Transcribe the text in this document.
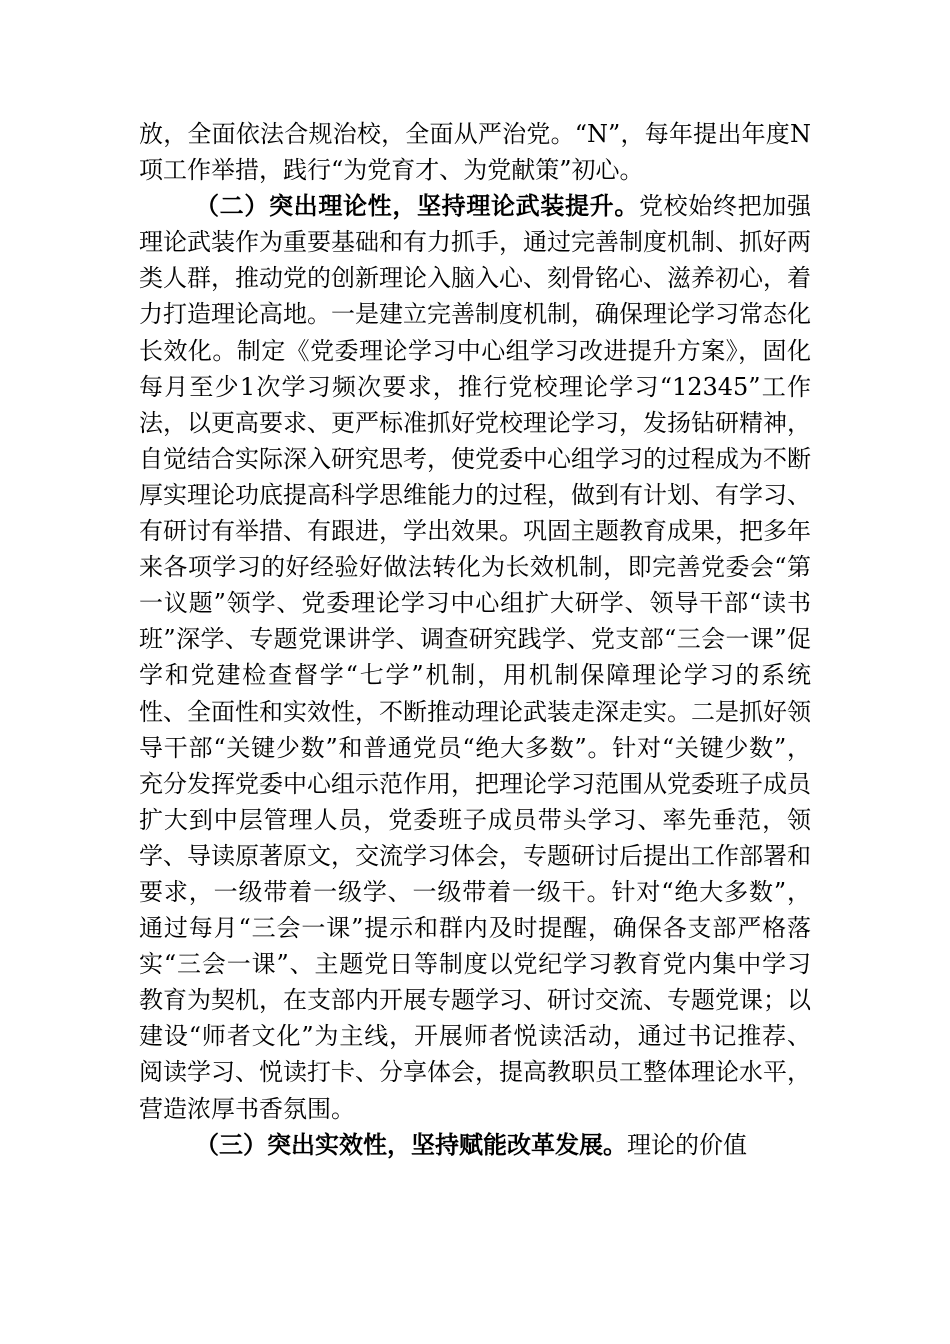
放，全面依法合规治校，全面从严治党。“N”，每年提出年度N项工作举措，践行“为党育才、为党献策”初心。

（二）突出理论性，坚持理论武装提升。党校始终把加强理论武装作为重要基础和有力抓手，通过完善制度机制、抓好两类人群，推动党的创新理论入脑入心、刻骨铭心、滋养初心，着力打造理论高地。一是建立完善制度机制，确保理论学习常态化长效化。制定《党委理论学习中心组学习改进提升方案》，固化每月至少1次学习频次要求，推行党校理论学习“12345”工作法，以更高要求、更严标准抓好党校理论学习，发扬钻研精神，自觉结合实际深入研究思考，使党委中心组学习的过程成为不断厚实理论功底提高科学思维能力的过程，做到有计划、有学习、有研讨有举措、有跟进，学出效果。巩固主题教育成果，把多年来各项学习的好经验好做法转化为长效机制，即完善党委会“第一议题”领学、党委理论学习中心组扩大研学、领导干部“读书班”深学、专题党课讲学、调查研究践学、党支部“三会一课”促学和党建检查督学“七学”机制，用机制保障理论学习的系统性、全面性和实效性，不断推动理论武装走深走实。二是抓好领导干部“关键少数”和普通党员“绝大多数”。针对“关键少数”，充分发挥党委中心组示范作用，把理论学习范围从党委班子成员扩大到中层管理人员，党委班子成员带头学习、率先垂范，领学、导读原著原文，交流学习体会，专题研讨后提出工作部署和要求，一级带着一级学、一级带着一级干。针对“绝大多数”，通过每月“三会一课”提示和群内及时提醒，确保各支部严格落实“三会一课”、主题党日等制度以党纪学习教育党内集中学习教育为契机，在支部内开展专题学习、研讨交流、专题党课；以建设“师者文化”为主线，开展师者悦读活动，通过书记推荐、阅读学习、悦读打卡、分享体会，提高教职员工整体理论水平，营造浓厚书香氛围。

（三）突出实效性，坚持赋能改革发展。理论的价值
